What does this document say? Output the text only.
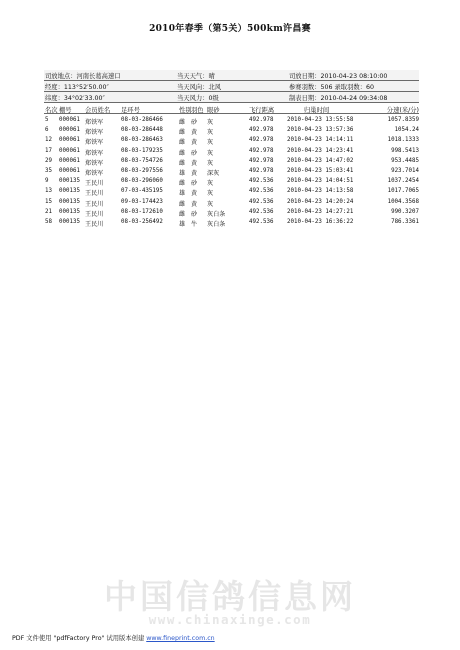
2010年春季（第5关）500km许昌赛
司放地点：河南长葛高速口	当天天气：晴	司放日期：2010-04-23 08:10:00
经度：113°52′50.00″	当天风向：北风	参赛羽数：506 录取羽数：60
纬度：34°02′33.00″	当天风力：0级	制表日期：2010-04-24 09:34:08
名次 棚号 会员姓名 足环号	性别 羽色 眼砂	飞行距离	归巢时间	分速(米/分)
5 000061 郑铁军	08-03-286466	雌 砂 灰	492.978 2010-04-23 13:55:58	1057.8359
6 000061 郑铁军	08-03-286448	雌 黄 灰	492.978 2010-04-23 13:57:36	1054.24
12 000061 郑铁军	08-03-286463	雌 黄 灰	492.978 2010-04-23 14:14:11	1018.1333
17 000061 郑铁军	08-03-179235	雌 砂 灰	492.978 2010-04-23 14:23:41	998.5413
29 000061 郑铁军	08-03-754726	雌 黄 灰	492.978 2010-04-23 14:47:02	953.4485
35 000061 郑铁军	08-03-297556	雄 黄 深灰	492.978 2010-04-23 15:03:41	923.7014
9 000135 王民川	08-03-296060	雌 砂 灰	492.536 2010-04-23 14:04:51	1037.2454
13 000135 王民川	07-03-435195	雄 黄 灰	492.536 2010-04-23 14:13:58	1017.7065
15 000135 王民川	09-03-174423	雌 黄 灰	492.536 2010-04-23 14:20:24	1004.3568
21 000135 王民川	08-03-172610	雌 砂 灰白条	492.536 2010-04-23 14:27:21	990.3207
58 000135 王民川	08-03-256492	雄 牛 灰白条	492.536 2010-04-23 16:36:22	786.3361
中国信鸽信息网
www.chinaxinge.com
PDF 文件使用 "pdfFactory Pro" 试用版本创建 www.fineprint.com.cn
